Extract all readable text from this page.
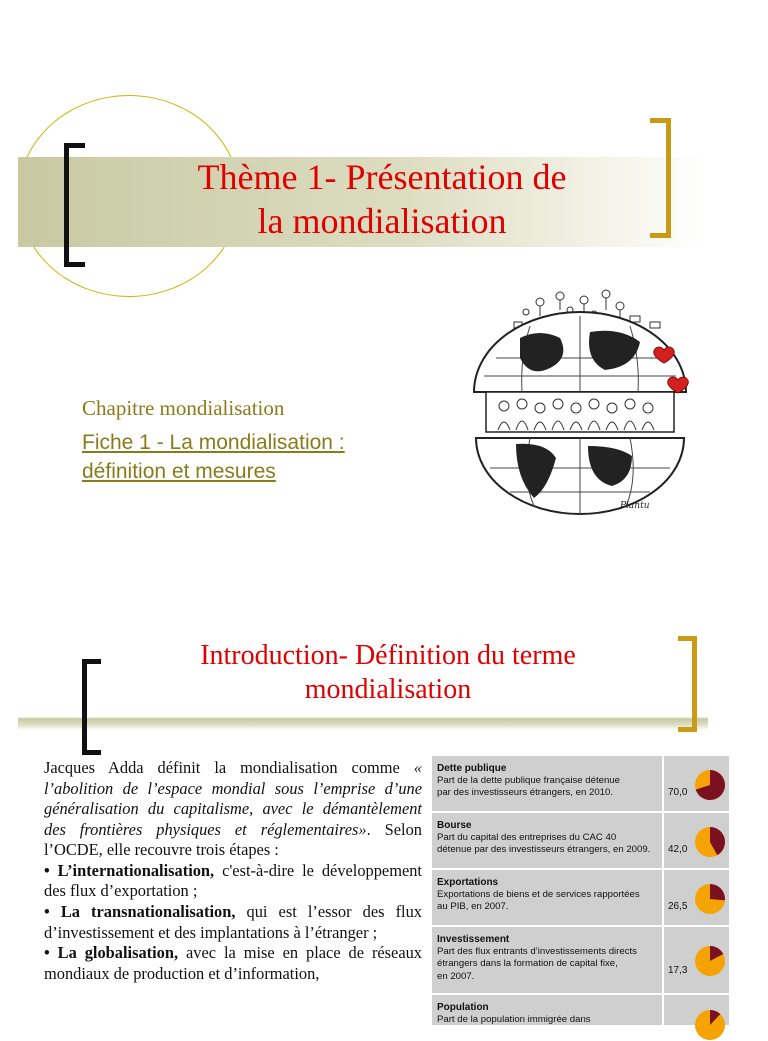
Thème 1- Présentation de
la mondialisation
Chapitre mondialisation
Fiche 1 - La mondialisation :
définition et mesures
Plantu
Introduction- Définition du terme
mondialisation

Jacques Adda définit la mondialisation comme « l’abolition de l’espace mondial sous l’emprise d’une généralisation du capitalisme, avec le démantèlement des frontières physiques et réglementaires». Selon l’OCDE, elle recouvre trois étapes :

• L’internationalisation, c'est-à-dire le développement des flux d’exportation ;

• La transnationalisation, qui est l’essor des flux d’investissement et des implantations à l’étranger ;

• La globalisation, avec la mise en place de réseaux mondiaux de production et d’information,

Dette publique
Part de la dette publique française détenue
par des investisseurs étrangers, en 2010.	70,0
Bourse
Part du capital des entreprises du CAC 40
détenue par des investisseurs étrangers, en 2009.	42,0
Exportations
Exportations de biens et de services rapportées
au PIB, en 2007.	26,5
Investissement
Part des flux entrants d’investissements directs
étrangers dans la formation de capital fixe,
en 2007.
17,3
Population
Part de la population immigrée dans
